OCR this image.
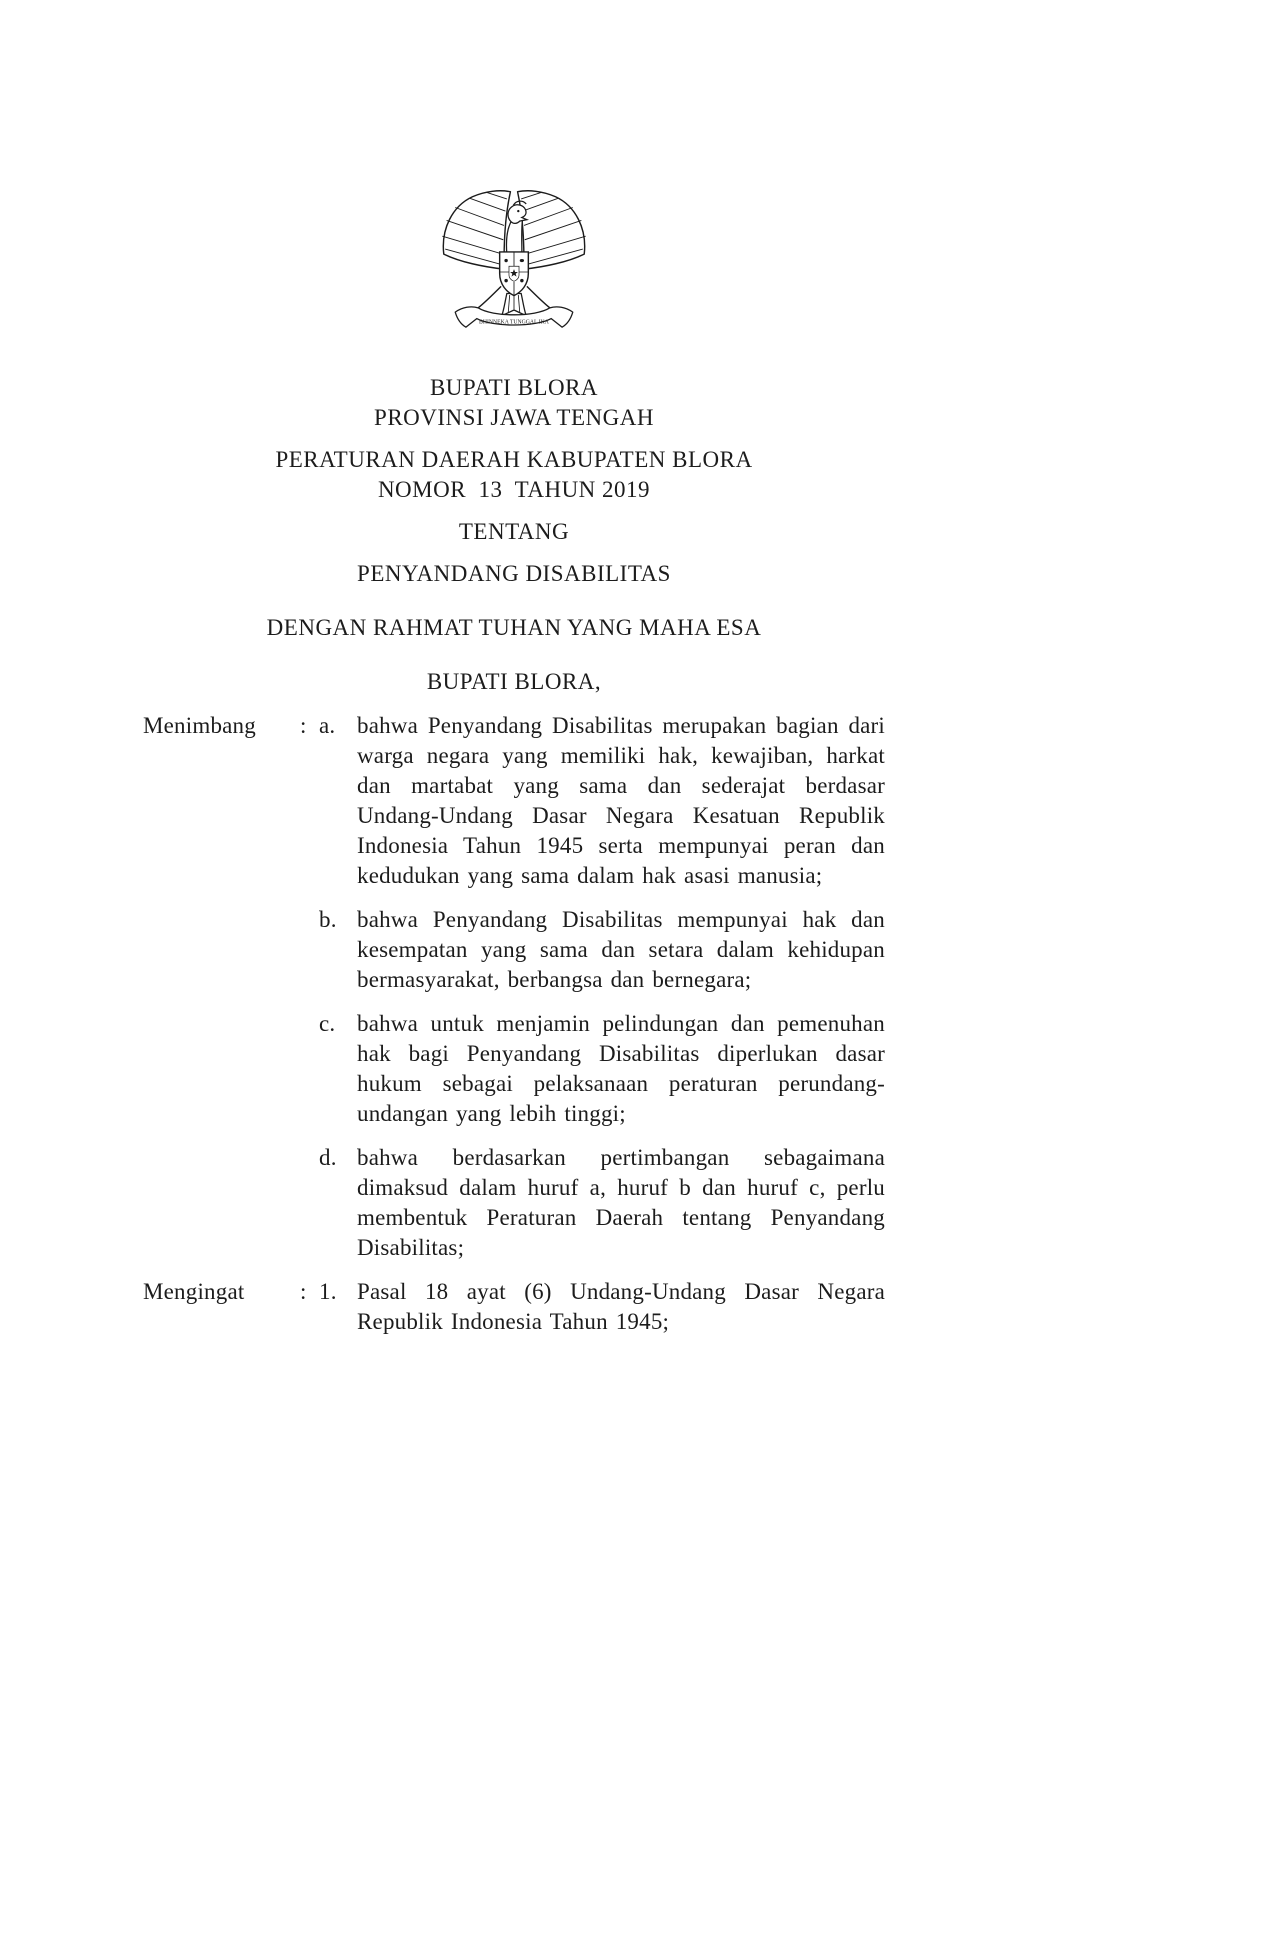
BHINNEKA TUNGGAL IKA
BUPATI BLORA
PROVINSI JAWA TENGAH
PERATURAN DAERAH KABUPATEN BLORA
NOMOR  13  TAHUN 2019
TENTANG
PENYANDANG DISABILITAS
DENGAN RAHMAT TUHAN YANG MAHA ESA
BUPATI BLORA,
Menimbang	: a. bahwa Penyandang Disabilitas merupakan bagian dari warga negara yang memiliki hak, kewajiban, harkat dan martabat yang sama dan sederajat berdasar Undang-Undang Dasar Negara Kesatuan Republik Indonesia Tahun 1945 serta mempunyai peran dan kedudukan yang sama dalam hak asasi manusia;
b. bahwa Penyandang Disabilitas mempunyai hak dan kesempatan yang sama dan setara dalam kehidupan bermasyarakat, berbangsa dan bernegara;
c. bahwa untuk menjamin pelindungan dan pemenuhan hak bagi Penyandang Disabilitas diperlukan dasar hukum sebagai pelaksanaan peraturan perundang-undangan yang lebih tinggi;
d. bahwa berdasarkan pertimbangan sebagaimana dimaksud dalam huruf a, huruf b dan huruf c, perlu membentuk Peraturan Daerah tentang Penyandang Disabilitas;
Mengingat	: 1. Pasal 18 ayat (6) Undang-Undang Dasar Negara Republik Indonesia Tahun 1945;
